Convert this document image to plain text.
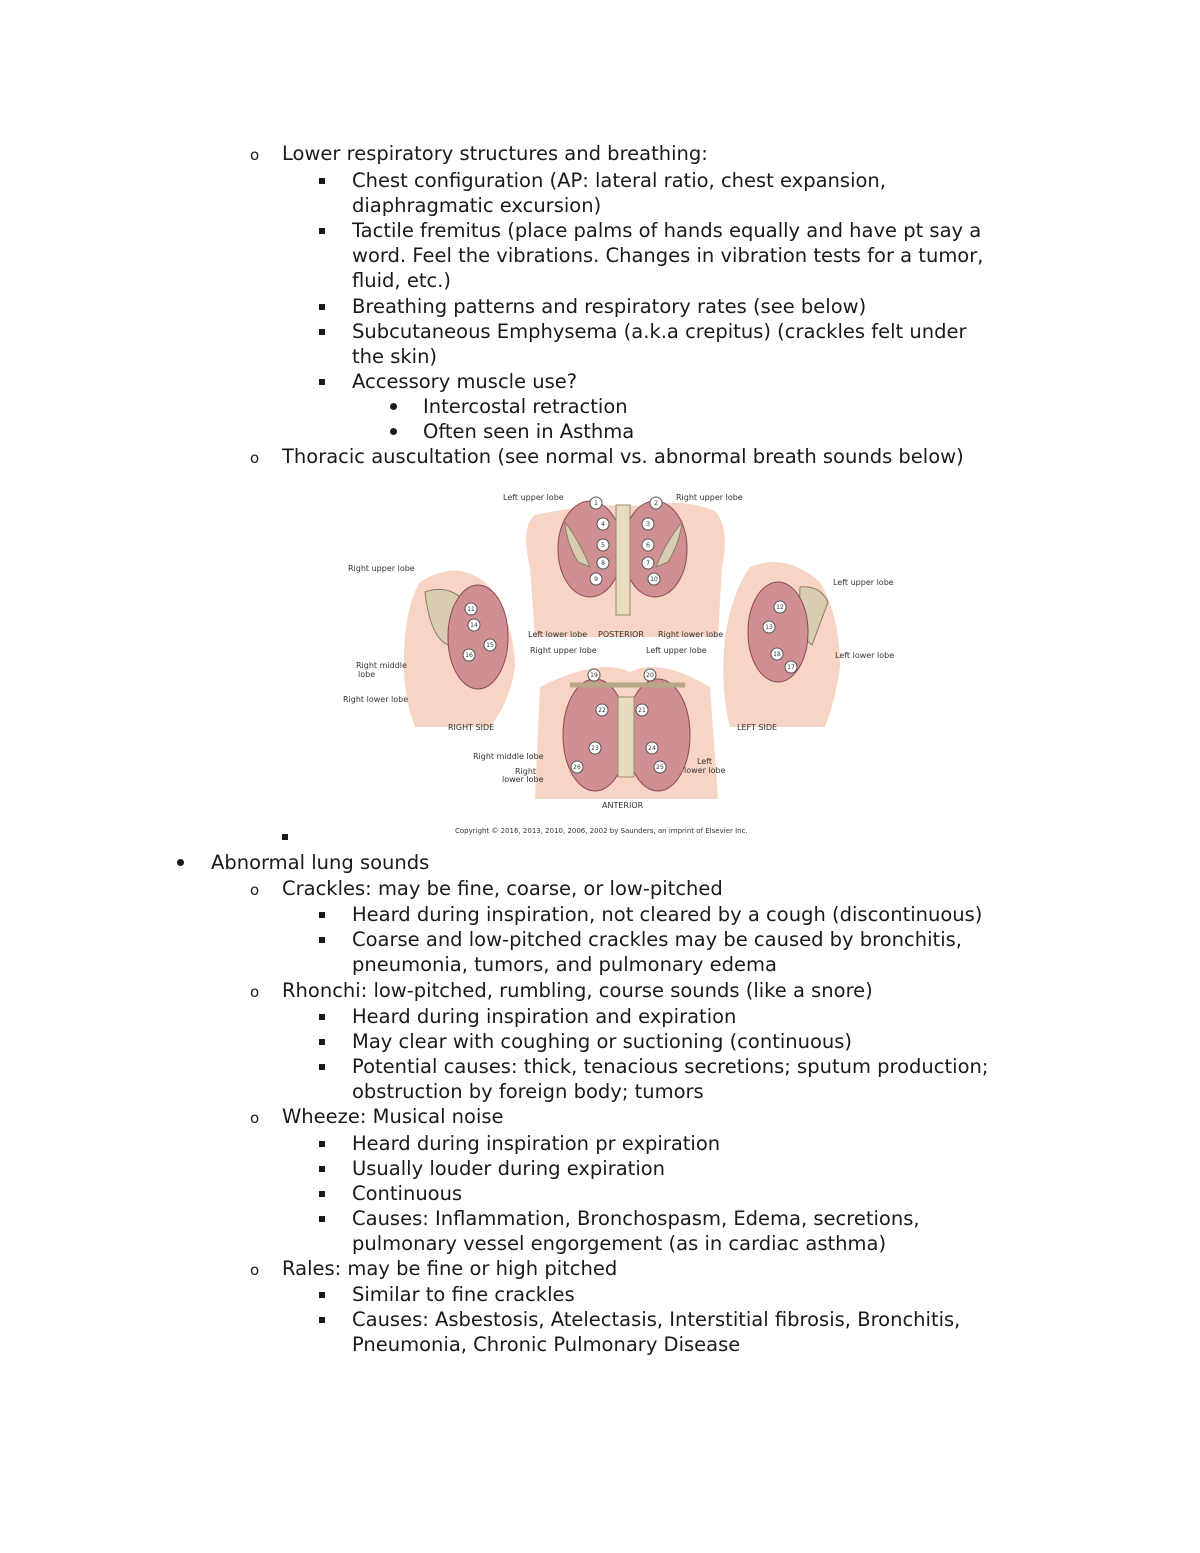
o Lower respiratory structures and breathing:
Chest configuration (AP: lateral ratio, chest expansion,
diaphragmatic excursion)
Tactile fremitus (place palms of hands equally and have pt say a
word. Feel the vibrations. Changes in vibration tests for a tumor,
fluid, etc.)
Breathing patterns and respiratory rates (see below)
Subcutaneous Emphysema (a.k.a crepitus) (crackles felt under
the skin)
Accessory muscle use?
Intercostal retraction
Often seen in Asthma
o Thoracic auscultation (see normal vs. abnormal breath sounds below)
1	2
3
4
5	6
7
8
9	10
11	12
13
14
15
16
17
18
19	20
21
22
23	24
25
26
Left upper lobe	Right upper lobe
Left lower lobe POSTERIOR Right lower lobe
Right upper lobe
Right middle
lobe
Right lower lobe
RIGHT SIDE
Left upper lobe
Left lower lobe
LEFT SIDE
Right upper lobe	Left upper lobe
Right middle lobe
Right
lower lobe
Left
lower lobe
ANTERIOR
Copyright © 2016, 2013, 2010, 2006, 2002 by Saunders, an imprint of Elsevier Inc.
Abnormal lung sounds
o Crackles: may be fine, coarse, or low-pitched
Heard during inspiration, not cleared by a cough (discontinuous)
Coarse and low-pitched crackles may be caused by bronchitis,
pneumonia, tumors, and pulmonary edema
o Rhonchi: low-pitched, rumbling, course sounds (like a snore)
Heard during inspiration and expiration
May clear with coughing or suctioning (continuous)
Potential causes: thick, tenacious secretions; sputum production;
obstruction by foreign body; tumors
o Wheeze: Musical noise
Heard during inspiration pr expiration
Usually louder during expiration
Continuous
Causes: Inflammation, Bronchospasm, Edema, secretions,
pulmonary vessel engorgement (as in cardiac asthma)
o Rales: may be fine or high pitched
Similar to fine crackles
Causes: Asbestosis, Atelectasis, Interstitial fibrosis, Bronchitis,
Pneumonia, Chronic Pulmonary Disease
